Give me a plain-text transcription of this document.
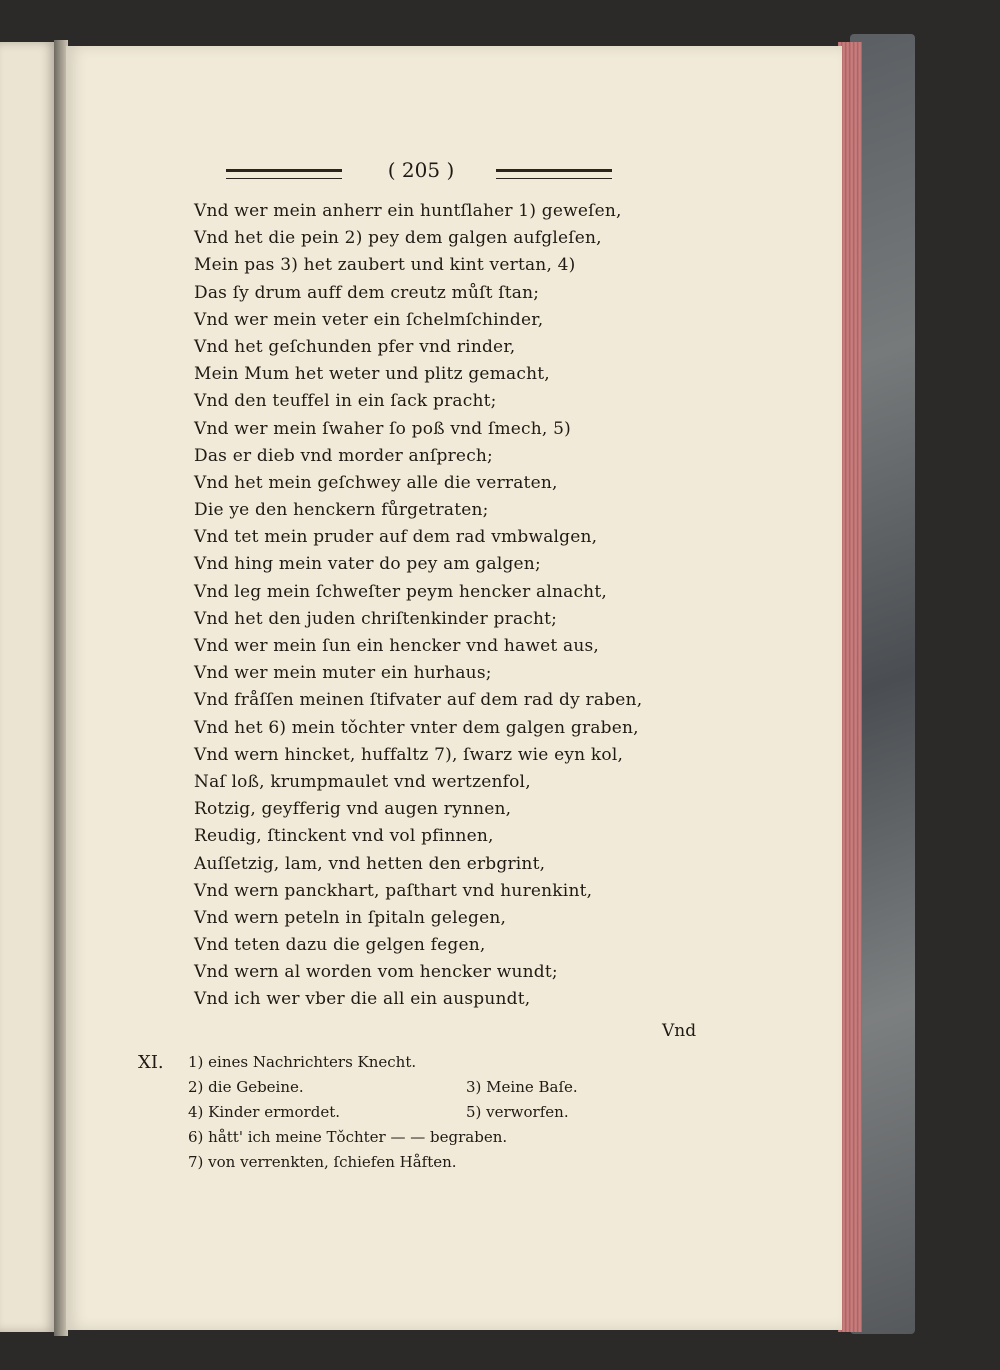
( 205 )
Vnd wer mein anherr ein huntſlaher 1) geweſen,
Vnd het die pein 2) pey dem galgen aufgleſen,
Mein pas 3) het zaubert und kint vertan, 4)
Das ſy drum auff dem creutz můſt ſtan;
Vnd wer mein veter ein ſchelmſchinder,
Vnd het geſchunden pfer vnd rinder,
Mein Mum het weter und plitz gemacht,
Vnd den teuffel in ein ſack pracht;
Vnd wer mein ſwaher ſo poß vnd ſmech, 5)
Das er dieb vnd morder anſprech;
Vnd het mein geſchwey alle die verraten,
Die ye den henckern fůrgetraten;
Vnd tet mein pruder auf dem rad vmbwalgen,
Vnd hing mein vater do pey am galgen;
Vnd leg mein ſchweſter peym hencker alnacht,
Vnd het den juden chriſtenkinder pracht;
Vnd wer mein ſun ein hencker vnd hawet aus,
Vnd wer mein muter ein hurhaus;
Vnd fråſſen meinen ſtifvater auf dem rad dy raben,
Vnd het 6) mein tǒchter vnter dem galgen graben,
Vnd wern hincket, huffaltz 7), ſwarz wie eyn kol,
Naſ loß, krumpmaulet vnd wertzenfol,
Rotzig, geyfferig vnd augen rynnen,
Reudig, ſtinckent vnd vol pfinnen,
Auſſetzig, lam, vnd hetten den erbgrint,
Vnd wern panckhart, paſthart vnd hurenkint,
Vnd wern peteln in ſpitaln gelegen,
Vnd teten dazu die gelgen fegen,
Vnd wern al worden vom hencker wundt;
Vnd ich wer vber die all ein auspundt,
Vnd
XI. 1) eines Nachrichters Knecht.
2) die Gebeine.	3) Meine Baſe.
4) Kinder ermordet.	5) verworfen.
6) hått' ich meine Tǒchter — — begraben.
7) von verrenkten, ſchiefen Håften.
